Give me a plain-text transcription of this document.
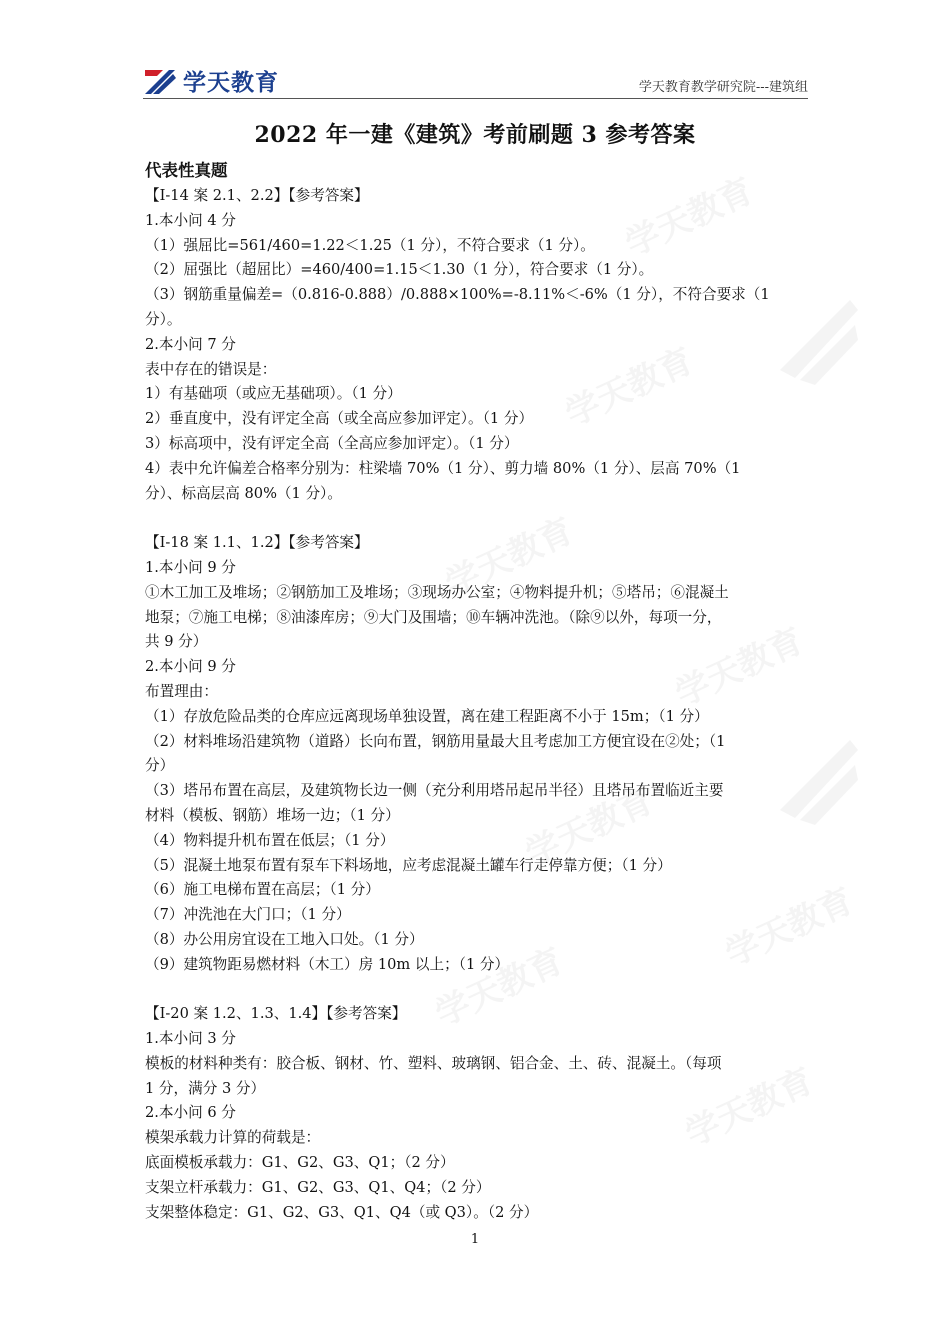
学天教育
学天教育
学天教育
学天教育
学天教育
学天教育
学天教育
学天教育
学天教育	学天教育教学研究院---建筑组
2022 年一建《建筑》考前刷题 3 参考答案

代表性真题

【I-14 案 2.1、2.2】【参考答案】

1.本小问 4 分

（1）强屈比=561/460=1.22＜1.25（1 分），不符合要求（1 分）。

（2）屈强比（超屈比）=460/400=1.15＜1.30（1 分），符合要求（1 分）。

（3）钢筋重量偏差=（0.816-0.888）/0.888×100%=-8.11%＜-6%（1 分），不符合要求（1

分）。

2.本小问 7 分

表中存在的错误是：

1）有基础项（或应无基础项）。（1 分）

2）垂直度中，没有评定全高（或全高应参加评定）。（1 分）

3）标高项中，没有评定全高（全高应参加评定）。（1 分）

4）表中允许偏差合格率分别为：柱梁墙 70%（1 分）、剪力墙 80%（1 分）、层高 70%（1

分）、标高层高 80%（1 分）。

【I-18 案 1.1、1.2】【参考答案】

1.本小问 9 分

①木工加工及堆场；②钢筋加工及堆场；③现场办公室；④物料提升机；⑤塔吊；⑥混凝土

地泵；⑦施工电梯；⑧油漆库房；⑨大门及围墙；⑩车辆冲洗池。（除⑨以外，每项一分，

共 9 分）

2.本小问 9 分

布置理由：

（1）存放危险品类的仓库应远离现场单独设置，离在建工程距离不小于 15m；（1 分）

（2）材料堆场沿建筑物（道路）长向布置，钢筋用量最大且考虑加工方便宜设在②处；（1

分）

（3）塔吊布置在高层，及建筑物长边一侧（充分利用塔吊起吊半径）且塔吊布置临近主要

材料（模板、钢筋）堆场一边；（1 分）

（4）物料提升机布置在低层；（1 分）

（5）混凝土地泵布置有泵车下料场地，应考虑混凝土罐车行走停靠方便；（1 分）

（6）施工电梯布置在高层；（1 分）

（7）冲洗池在大门口；（1 分）

（8）办公用房宜设在工地入口处。（1 分）

（9）建筑物距易燃材料（木工）房 10m 以上；（1 分）

【I-20 案 1.2、1.3、1.4】【参考答案】

1.本小问 3 分

模板的材料种类有：胶合板、钢材、竹、塑料、玻璃钢、铝合金、土、砖、混凝土。（每项

1 分，满分 3 分）

2.本小问 6 分

模架承载力计算的荷载是：

底面模板承载力：G1、G2、G3、Q1；（2 分）

支架立杆承载力：G1、G2、G3、Q1、Q4；（2 分）

支架整体稳定：G1、G2、G3、Q1、Q4（或 Q3）。（2 分）

1
